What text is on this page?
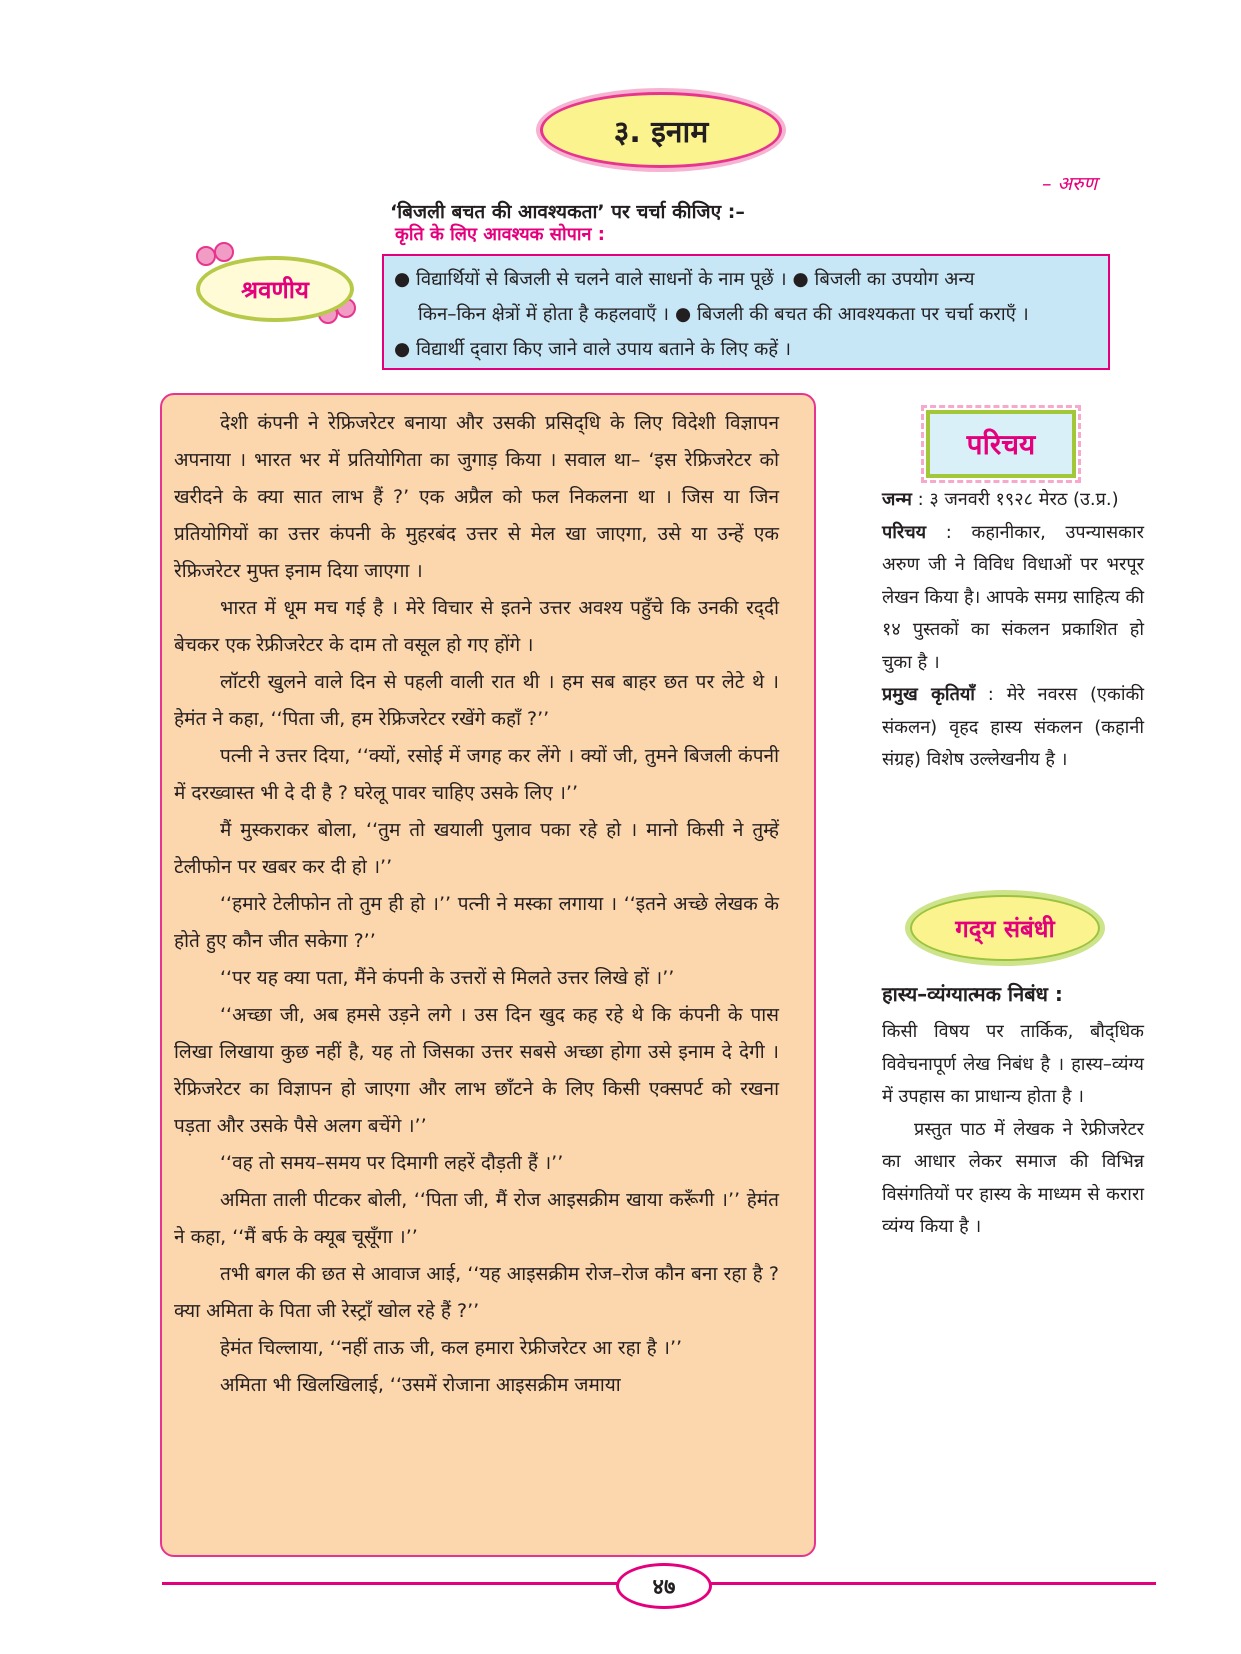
३. इनाम
– अरुण
‘बिजली बचत की आवश्यकता’ पर चर्चा कीजिए :–
कृति के लिए आवश्यक सोपान :
श्रवणीय	● विद्यार्थियों से बिजली से चलने वाले साधनों के नाम पूछें । ● बिजली का उपयोग अन्य

किन–किन क्षेत्रों में होता है कहलवाएँ । ● बिजली की बचत की आवश्यकता पर चर्चा कराएँ ।

● विद्यार्थी द्‌वारा किए जाने वाले उपाय बताने के लिए कहें ।

देशी कंपनी ने रेफ्रिजरेटर बनाया और उसकी प्रसिद्‌धि के लिए विदेशी विज्ञापन अपनाया । भारत भर में प्रतियोगिता का जुगाड़ किया । सवाल था– ‘इस रेफ्रिजरेटर को खरीदने के क्या सात लाभ हैं ?’ एक अप्रैल को फल निकलना था । जिस या जिन प्रतियोगियों का उत्तर कंपनी के मुहरबंद उत्तर से मेल खा जाएगा, उसे या उन्हें एक रेफ्रिजरेटर मुफ्त इनाम दिया जाएगा ।

भारत में धूम मच गई है । मेरे विचार से इतने उत्तर अवश्य पहुँचे कि उनकी रद्‌दी बेचकर एक रेफ्रीजरेटर के दाम तो वसूल हो गए होंगे ।

लॉटरी खुलने वाले दिन से पहली वाली रात थी । हम सब बाहर छत पर लेटे थे । हेमंत ने कहा, ‘‘पिता जी, हम रेफ्रिजरेटर रखेंगे कहाँ ?’’

पत्नी ने उत्तर दिया, ‘‘क्यों, रसोई में जगह कर लेंगे । क्यों जी, तुमने बिजली कंपनी में दरख्वास्त भी दे दी है ? घरेलू पावर चाहिए उसके लिए ।’’

मैं मुस्कराकर बोला, ‘‘तुम तो खयाली पुलाव पका रहे हो । मानो किसी ने तुम्हें टेलीफोन पर खबर कर दी हो ।’’

‘‘हमारे टेलीफोन तो तुम ही हो ।’’ पत्नी ने मस्का लगाया । ‘‘इतने अच्छे लेखक के होते हुए कौन जीत सकेगा ?’’

‘‘पर यह क्या पता, मैंने कंपनी के उत्तरों से मिलते उत्तर लिखे हों ।’’

‘‘अच्छा जी, अब हमसे उड़ने लगे । उस दिन खुद कह रहे थे कि कंपनी के पास लिखा लिखाया कुछ नहीं है, यह तो जिसका उत्तर सबसे अच्छा होगा उसे इनाम दे देगी । रेफ्रिजरेटर का विज्ञापन हो जाएगा और लाभ छाँटने के लिए किसी एक्सपर्ट को रखना पड़ता और उसके पैसे अलग बचेंगे ।’’

‘‘वह तो समय–समय पर दिमागी लहरें दौड़ती हैं ।’’

अमिता ताली पीटकर बोली, ‘‘पिता जी, मैं रोज आइसक्रीम खाया करूँगी ।’’ हेमंत ने कहा, ‘‘मैं बर्फ के क्यूब चूसूँगा ।’’

तभी बगल की छत से आवाज आई, ‘‘यह आइसक्रीम रोज–रोज कौन बना रहा है ? क्या अमिता के पिता जी रेस्ट्राँ खोल रहे हैं ?’’

हेमंत चिल्लाया, ‘‘नहीं ताऊ जी, कल हमारा रेफ्रीजरेटर आ रहा है ।’’

अमिता भी खिलखिलाई, ‘‘उसमें रोजाना आइसक्रीम जमाया

परिचय

जन्म : ३ जनवरी १९२८ मेरठ (उ.प्र.)

परिचय : कहानीकार, उपन्यासकार अरुण जी ने विविध विधाओं पर भरपूर लेखन किया है। आपके समग्र साहित्य की १४ पुस्तकों का संकलन प्रकाशित हो चुका है ।

प्रमुख कृतियाँ : मेरे नवरस (एकांकी संकलन) वृहद हास्य संकलन (कहानी संग्रह) विशेष उल्लेखनीय है ।

गद्‌य संबंधी
हास्य–व्यंग्यात्मक निबंध :

किसी विषय पर तार्किक, बौद्‌धिक विवेचनापूर्ण लेख निबंध है । हास्य–व्यंग्य में उपहास का प्राधान्य होता है ।

प्रस्तुत पाठ में लेखक ने रेफ्रीजरेटर का आधार लेकर समाज की विभिन्न विसंगतियों पर हास्य के माध्यम से करारा व्यंग्य किया है ।

४७
